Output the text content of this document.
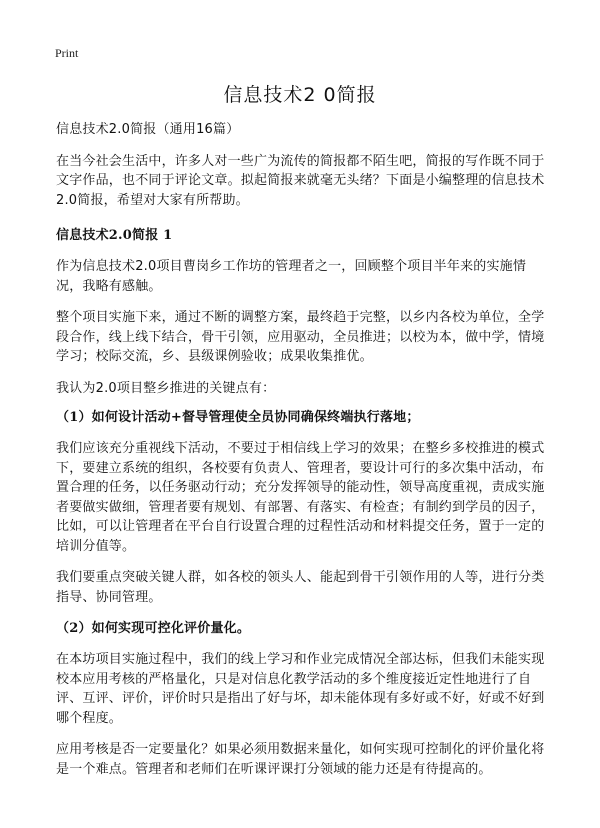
Print
信息技术2 0简报

信息技术2.0简报（通用16篇）

在当今社会生活中，许多人对一些广为流传的简报都不陌生吧，简报的写作既不同于文字作品，也不同于评论文章。拟起简报来就毫无头绪？下面是小编整理的信息技术2.0简报，希望对大家有所帮助。

信息技术2.0简报 1

作为信息技术2.0项目曹岗乡工作坊的管理者之一，回顾整个项目半年来的实施情况，我略有感触。

整个项目实施下来，通过不断的调整方案，最终趋于完整，以乡内各校为单位，全学段合作，线上线下结合，骨干引领，应用驱动，全员推进；以校为本，做中学，情境学习；校际交流，乡、县级课例验收；成果收集推优。

我认为2.0项目整乡推进的关键点有：

（1）如何设计活动+督导管理使全员协同确保终端执行落地；

我们应该充分重视线下活动，不要过于相信线上学习的效果；在整乡多校推进的模式下，要建立系统的组织，各校要有负责人、管理者，要设计可行的多次集中活动，布置合理的任务，以任务驱动行动；充分发挥领导的能动性，领导高度重视，责成实施者要做实做细，管理者要有规划、有部署、有落实、有检查；有制约到学员的因子，比如，可以让管理者在平台自行设置合理的过程性活动和材料提交任务，置于一定的培训分值等。

我们要重点突破关键人群，如各校的领头人、能起到骨干引领作用的人等，进行分类指导、协同管理。

（2）如何实现可控化评价量化。

在本坊项目实施过程中，我们的线上学习和作业完成情况全部达标，但我们未能实现校本应用考核的严格量化，只是对信息化教学活动的多个维度接近定性地进行了自评、互评、评价，评价时只是指出了好与坏，却未能体现有多好或不好，好或不好到哪个程度。

应用考核是否一定要量化？如果必须用数据来量化，如何实现可控制化的评价量化将是一个难点。管理者和老师们在听课评课打分领域的能力还是有待提高的。
